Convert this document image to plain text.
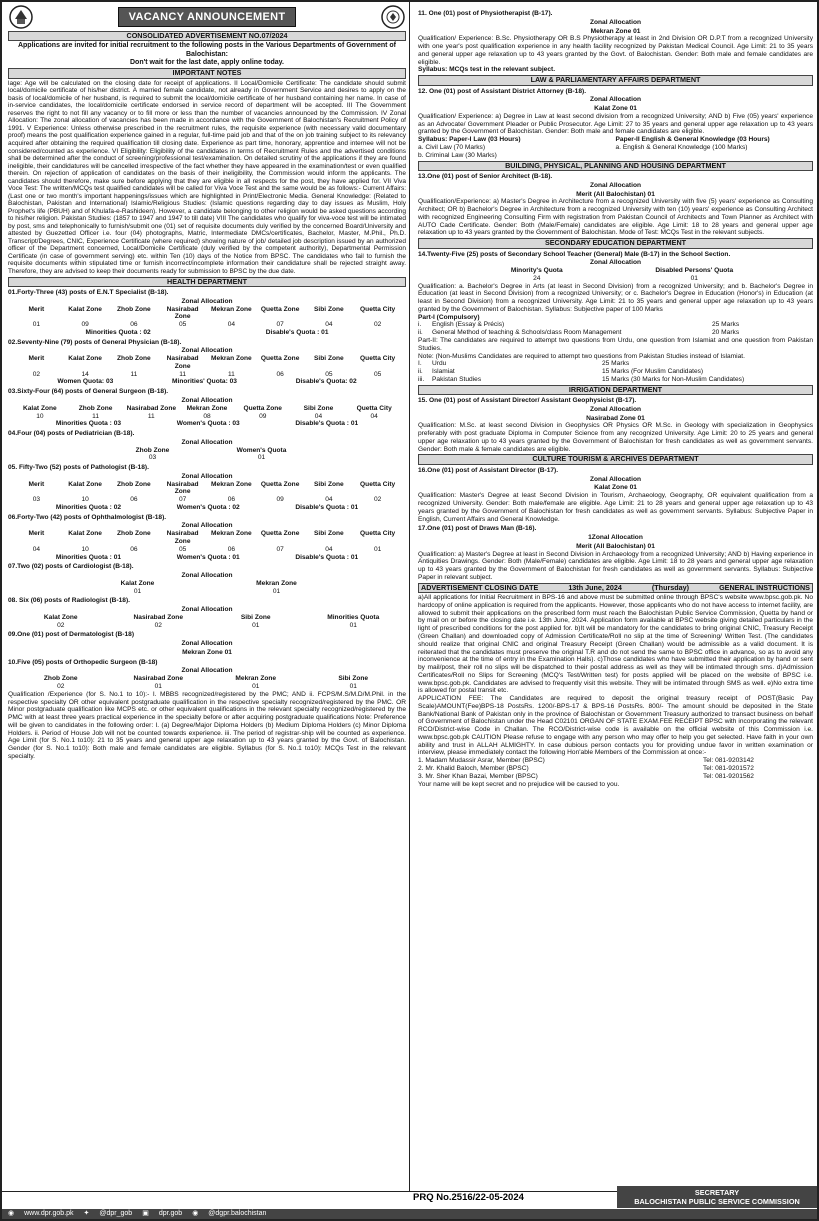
VACANCY ANNOUNCEMENT
CONSOLIDATED ADVERTISEMENT NO.07/2024
Applications are invited for initial recruitment to the following posts in the Various Departments of Government of Balochistan:
Don't wait for the last date, apply online today.
IMPORTANT NOTES
lage: Age will be calculated on the closing date for receipt of applications. II Local/Domicile Certificate: The candidate should submit local/domicile certificate of his/her district. A married female candidate, not already in Government Service and desires to apply on the basis of local/domicile of her husband, is required to submit the local/domicile certificate of her husband containing her name. In case of in-service candidates, the local/domicile certificate endorsed in service record of department will be accepted. III The Government reserves the right to not fill any vacancy or to fill more or less than the number of vacancies announced by the Commission. IV Zonal Allocation: The zonal allocation of vacancies has been made in accordance with the Government of Balochistan's Recruitment Policy of 1991. V Experience: Unless otherwise prescribed in the recruitment rules, the requisite experience (with necessary valid documentary proof) means the post qualification experience gained in a regular, full-time paid job and that of the on job training subject to its relevancy acquired after obtaining the required qualification till closing date. Experience as part time, honorary, apprentice and internee will not be considered/counted as experience. VI Eligibility: Eligibility of the candidates in terms of Recruitment Rules and the advertised conditions shall be determined after the conduct of screening/professional test/examination. On detailed scrutiny of the applications if they are found ineligible, their candidatures will be cancelled irrespective of the fact whether they have appeared in the examination/test or even qualified therein. On rejection of application of candidates on the basis of their ineligibility, the Commission would inform the applicants. The candidates should therefore, make sure before applying that they are eligible in all respects for the post, they have applied for. VII Viva Voce Test: The written/MCQs test qualified candidates will be called for Viva Voce Test and the same would be as follows:- Current Affairs: (Last one or two month's important happenings/issues which are highlighted in Print/Electronic Media. General Knowledge: (Related to Balochistan, Pakistan and International) Islamic/Religious Studies: (Islamic questions regarding day to day issues as Muslim, Holy Prophet's life (PBUH) and of Khulafa-e-Rashideen). However, a candidate belonging to other religion would be asked questions according to his/her religion. Pakistan Studies: (1857 to 1947 and 1947 to till date) VIII The candidates who qualify for viva-voce test will be intimated by post, sms and telephonically to furnish/submit one (01) set of requisite documents duly verified by the concerned Board/University and attested by Guezetted Officer i.e. four (04) photographs, Matric, Intermediate DMCs/certificates, Bachelor, Master, M.Phil., Ph.D. Transcript/Degrees, CNIC, Experience Certificate (where required) showing nature of job/ detailed job description issued by an authorized officer of the Department concerned, Local/Domicile Certificate (duly verified by the competent authority), Departmental Permission Certificate (in case of government serving) etc. within Ten (10) days of the Notice from BPSC. The candidates who fail to furnish the requisite documents within stipulated time or furnish incorrect/incomplete information their candidature shall be rejected straight away. Therefore, they are advised to keep their documents ready for submission to BPSC by the due date.
HEALTH DEPARTMENT
01.Forty-Three (43) posts of E.N.T Specialist (B-18).
Zonal Allocation
Merit	Kalat Zone	Zhob Zone	Nasirabad Zone
Mekran Zone	Quetta Zone	Sibi Zone	Quetta City
01	09	06	05	04	07	04	02
Minorities Quota : 02	Disable's Quota : 01
02.Seventy-Nine (79) posts of General Physician (B-18).
Zonal Allocation
Merit	Kalat Zone	Zhob Zone	Nasirabad Zone
Mekran Zone	Quetta Zone	Sibi Zone	Quetta City
02	14	11	11	11	06	05	05
Women Quota: 03	Minorities' Quota: 03	Disable's Quota: 02
03.Sixty-Four (64) posts of General Surgeon (B-18).
Zonal Allocation
Kalat Zone	Zhob Zone	Nasirabad Zone	Mekran Zone	Quetta Zone	Sibi Zone	Quetta City
10	11	11	08	09	04	04
Minorities Quota : 03	Women's Quota : 03	Disable's Quota : 01
04.Four (04) posts of Pediatrician (B-18).
Zonal Allocation
Zhob Zone	Women's Quota
03	01
05. Fifty-Two (52) posts of Pathologist (B-18).
Zonal Allocation
Merit	Kalat Zone	Zhob Zone	Nasirabad Zone
Mekran Zone	Quetta Zone	Sibi Zone	Quetta City
03	10	06	07	06	09	04	02
Minorities Quota : 02	Women's Quota : 02	Disable's Quota : 01
06.Forty-Two (42) posts of Ophthalmologist (B-18).
Zonal Allocation
Merit	Kalat Zone	Zhob Zone	Nasirabad Zone
Mekran Zone	Quetta Zone	Sibi Zone	Quetta City
04	10	06	05	06	07	04	01
Minorities Quota : 01	Women's Quota : 01	Disable's Quota : 01
07.Two (02) posts of Cardiologist (B-18).
Zonal Allocation
Kalat Zone	Mekran Zone
01	01
08. Six (06) posts of Radiologist (B-18).
Zonal Allocation
Kalat Zone	Nasirabad Zone	Sibi Zone	Minorities Quota
02	02	01	01
09.One (01) post of Dermatologist (B-18)
Zonal Allocation
Mekran Zone 01
10.Five (05) posts of Orthopedic Surgeon (B-18)
Zonal Allocation
Zhob Zone	Nasirabad Zone	Mekran Zone	Sibi Zone
02	01	01	01
Qualification /Experience (for S. No.1 to 10):- I. MBBS recognized/registered by the PMC; AND ii. FCPS/M.S/M.D/M.Phil. in the respective specialty OR other equivalent postgraduate qualification in the respective specialty recognized/registered by the PMC. OR Minor postgraduate qualification like MCPS etc. or other equivalent qualifications in the relevant specialty recognized/registered by the PMC with at least three years practical experience in the specialty before or after acquiring postgraduate qualifications Note: Preference will be given to candidates in the following order: I. (a) Degree/Major Diploma Holders (b) Medium Diploma Holders (c) Minor Diploma Holders. ii. Period of House Job will not be counted towards experience. iii. The period of registrar-ship will be counted as experience. Age Limit (for S. No.1 to10): 21 to 35 years and general upper age relaxation up to 43 years granted by the Govt. of Balochistan. Gender (for S. No.1 to10): Both male and female candidates are eligible. Syllabus (for S. No.1 to10): MCQs Test in the relevant specialty.
11. One (01) post of Physiotherapist (B-17).
Zonal Allocation
Mekran Zone 01
Qualification/ Experience: B.Sc. Physiotherapy OR B.S Physiotherapy at least in 2nd Division OR D.P.T from a recognized University with one year's post qualification experience in any health facility recognized by Pakistan Medical Council. Age Limit: 21 to 35 years and general upper age relaxation up to 43 years granted by the Govt. of Balochistan. Gender: Both male and female candidates are eligible.
Syllabus: MCQs test in the relevant subject.
LAW & PARLIAMENTARY AFFAIRS DEPARTMENT
12. One (01) post of Assistant District Attorney (B-18).
Zonal Allocation
Kalat Zone 01
Qualification/ Experience: a) Degree in Law at least second division from a recognized University; AND b) Five (05) years' experience as an Advocate/ Government Pleader or Public Prosecutor. Age Limit: 27 to 35 years and general upper age relaxation up to 43 years granted by the Government of Balochistan. Gender: Both male and female candidates are eligible.
Syllabus: Paper-I Law (03 Hours)	Paper-II English & General Knowledge (03 Hours)
a. Civil Law (70 Marks)	a. English & General Knowledge (100 Marks)
b. Criminal Law (30 Marks)
BUILDING, PHYSICAL, PLANNING AND HOUSING DEPARTMENT
13.One (01) post of Senior Architect (B-18).
Zonal Allocation
Merit (All Balochistan) 01
Qualification/Experience: a) Master's Degree in Architecture from a recognized University with five (5) years' experience as Consulting Architect; OR b) Bachelor's Degree in Architecture from a recognized University with ten (10) years' experience as Consulting Architect with recognized Engineering Consulting Firm with registration from Pakistan Council of Architects and Town Planner as Architect with AUTO Cade Certificate. Gender: Both (Male/Female) candidates are eligible. Age Limit: 18 to 28 years and general upper age relaxation up to 43 years granted by the Government of Balochistan. Mode of Test: MCQs Test in the relevant subjects.
SECONDARY EDUCATION DEPARTMENT
14.Twenty-Five (25) posts of Secondary School Teacher (General) Male (B-17) in the School Section.
Zonal Allocation
Minority's Quota	Disabled Persons' Quota
24	01
Qualification: a. Bachelor's Degree in Arts (at least in Second Division) from a recognized University; and b. Bachelor's Degree in Education (at least in Second Division) from a recognized University; or c. Bachelor's Degree in Education (Honor's) in Education (at least in Second Division) from a recognized University. Age Limit: 21 to 35 years and general upper age relaxation up to 43 years granted by the Government of Balochistan. Syllabus: Subjective paper of 100 Marks
Part-I (Compulsory)
i.	English (Essay & Précis)	25 Marks
ii.	General Method of teaching & Schools/class Room Management	20 Marks
Part-II: The candidates are required to attempt two questions from Urdu, one question from Islamiat and one question from Pakistan Studies.
Note: (Non-Muslims Candidates are required to attempt two questions from Pakistan Studies instead of Islamiat.
I.	Urdu	25 Marks
ii.	Islamiat	15 Marks (For Muslim Candidates)
iii.	Pakistan Studies	15 Marks (30 Marks for Non-Muslim Candidates)
IRRIGATION DEPARTMENT
15. One (01) post of Assistant Director/ Assistant Geophysicist (B-17).
Zonal Allocation
Nasirabad Zone 01
Qualification: M.Sc. at least second Division in Geophysics OR Physics OR M.Sc. in Geology with specialization in Geophysics preferably with post graduate Diploma in Computer Science from any recognized University. Age Limit: 20 to 25 years and general upper age relaxation up to 43 years granted by the Government of Balochistan for fresh candidates as well as government servants. Gender: Both male & female candidates are eligible.
CULTURE TOURISM & ARCHIVES DEPARTMENT
16.One (01) post of Assistant Director (B-17).
Zonal Allocation
Kalat Zone 01
Qualification: Master's Degree at least Second Division in Tourism, Archaeology, Geography, OR equivalent qualification from a recognized University. Gender: Both male/female are eligible. Age Limit: 21 to 28 years and general upper age relaxation up to 43 years granted by the Government of Balochistan for fresh candidates as well as government servants. Syllabus: Subjective Paper in English, Current Affairs and General Knowledge.
17.One (01) post of Draws Man (B-16).
1Zonal Allocation
Merit (All Balochistan) 01
Qualification: a) Master's Degree at least in Second Division in Archaeology from a recognized University; AND b) Having experience in Antiquities Drawings. Gender: Both (Male/Female) candidates are eligible. Age Limit: 18 to 28 years and general upper age relaxation up to 43 years granted by the Government of Balochistan for fresh candidates as well as government servants. Syllabus: Subjective Paper in relevant subject.
ADVERTISEMENT CLOSING DATE	13th June, 2024	(Thursday)	GENERAL INSTRUCTIONS
a)All applications for Initial Recruitment in BPS-16 and above must be submitted online through BPSC's website www.bpsc.gob.pk. No hardcopy of online application is required from the applicants. However, those applicants who do not have access to internet facility, are allowed to submit their applications on the prescribed form must reach the Balochistan Public Service Commission, Quetta by hand or by mail on or before the closing date i.e. 13th June, 2024. Application form available at BPSC website giving detailed particulars in the light of prescribed conditions for the post applied for. b)It will be mandatory for the candidates to bring original CNIC, Treasury Receipt (Green Challan) and downloaded copy of Admission Certificate/Roll no slip at the time of Screening/ Written Test. (The candidates should realize that original CNIC and original Treasury Receipt (Green Challan) would be admissible as a valid document. It is reiterated that the candidates must preserve the original T.R and do not send the same to BPSC office in advance, so as to avoid any inconvenience at the time of entry in the Examination Halls). c)Those candidates who have submitted their application by hand or sent by mail/post, their roll no slips will be dispatched to their postal address as well as they will be intimated through sms. d)Admission Certificates/Roll no Slips for Screening (MCQ's Test/Written test) for posts applied will be placed on the website of BPSC i.e. www.bpsc.gob.pk. Candidates are advised to frequently visit this website. They will be intimated through SMS as well. e)No extra time is allowed for postal transit etc.
APPLICATION FEE: The Candidates are required to deposit the original treasury receipt of POST(Basic Pay Scale)AMOUNT(Fee)BPS-18 PostsRs. 1200/-BPS-17 & BPS-16 PostsRs. 800/- The amount should be deposited in the State Bank/National Bank of Pakistan only in the province of Balochistan or Government Treasury authorized to transact business on behalf of Government of Balochistan under the Head C02101 ORGAN OF STATE EXAM.FEE RECEIPT BPSC with incorporating the relevant RCO/District-wise Code in Challan. The RCO/District-wise code is available on the official website of this Commission i.e. www.bpsc.gob.pk CAUTION Please refuse to engage with any person who may offer to help you get selected. Have faith in your own ability and trust in ALLAH ALMIGHTY. In case dubious person contacts you for providing undue favor in written examination or interview, please immediately contact the following Hon'able Members of the Commission at once:-
1. Madam Mudassir Asrar, Member (BPSC)	Tel: 081-9203142
2. Mr. Khalid Baloch, Member (BPSC)	Tel: 081-9201572
3. Mr. Sher Khan Bazai, Member (BPSC)	Tel: 081-9201562
Your name will be kept secret and no prejudice will be caused to you.
PRQ No.2516/22-05-2024
◉ www.dpr.gob.pk ✦ @dpr_gob ▣ dpr.gob ◉ @dgpr.balochistan
SECRETARY
BALOCHISTAN PUBLIC SERVICE COMMISSION
